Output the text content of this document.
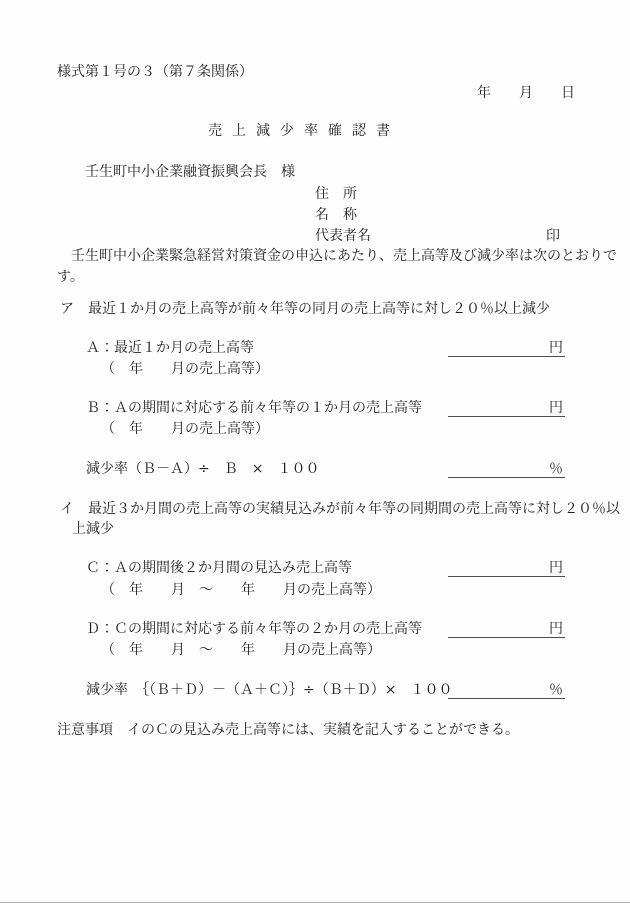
様式第１号の３（第７条関係）
年　　月　　日
売上減少率確認書
壬生町中小企業融資振興会長　様
住　所
名　称
代表者名	印
　壬生町中小企業緊急経営対策資金の申込にあたり、売上高等及び減少率は次のとおりで
す。
ア　最近１か月の売上高等が前々年等の同月の売上高等に対し２０％以上減少
Ａ：最近１か月の売上高等	円
（　年　　月の売上高等）
Ｂ：Ａの期間に対応する前々年等の１か月の売上高等	円
（　年　　月の売上高等）
減少率（Ｂ－Ａ）÷　Ｂ　×　１００	％
イ　最近３か月間の売上高等の実績見込みが前々年等の同期間の売上高等に対し２０％以
上減少
Ｃ：Ａの期間後２か月間の見込み売上高等	円
（　年　　月　～　　年　　月の売上高等）
Ｄ：Ｃの期間に対応する前々年等の２か月の売上高等	円
（　年　　月　～　　年　　月の売上高等）
減少率　｛（Ｂ＋Ｄ）－（Ａ＋Ｃ）｝÷（Ｂ＋Ｄ）×　１００	％
注意事項　イのＣの見込み売上高等には、実績を記入することができる。
